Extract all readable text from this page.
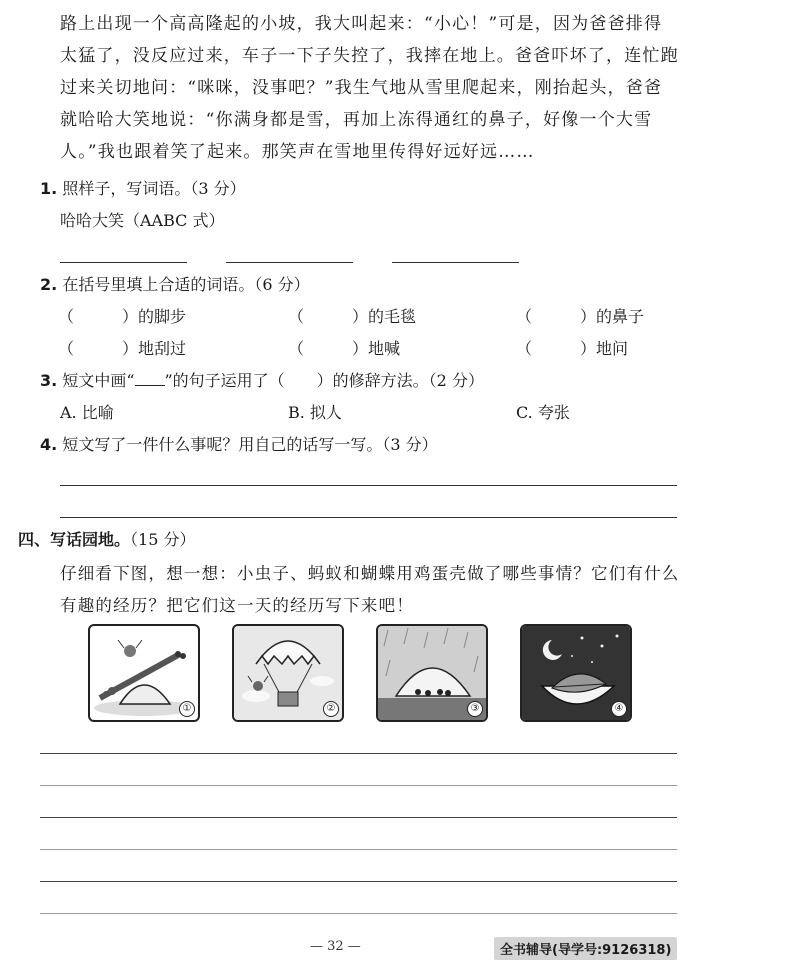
路上出现一个高高隆起的小坡，我大叫起来：“小心！”可是，因为爸爸排得太猛了，没反应过来，车子一下子失控了，我摔在地上。爸爸吓坏了，连忙跑过来关切地问：“咪咪，没事吧？”我生气地从雪里爬起来，刚抬起头，爸爸就哈哈大笑地说：“你满身都是雪，再加上冻得通红的鼻子，好像一个大雪人。”我也跟着笑了起来。那笑声在雪地里传得好远好远……
1. 照样子，写词语。（3 分）
哈哈大笑（AABC 式）
2. 在括号里填上合适的词语。（6 分）
（　　　）的脚步	（　　　）的毛毯	（　　　）的鼻子
（　　　）地刮过	（　　　）地喊	（　　　）地问
3. 短文中画“ ”的句子运用了（　　）的修辞方法。（2 分）
A. 比喻	B. 拟人	C. 夸张
4. 短文写了一件什么事呢？用自己的话写一写。（3 分）
四、写话园地。（15 分）
仔细看下图，想一想：小虫子、蚂蚁和蝴蝶用鸡蛋壳做了哪些事情？它们有什么有趣的经历？把它们这一天的经历写下来吧！
①	②	③	④
— 32 —	全书辅导(导学号:9126318)
